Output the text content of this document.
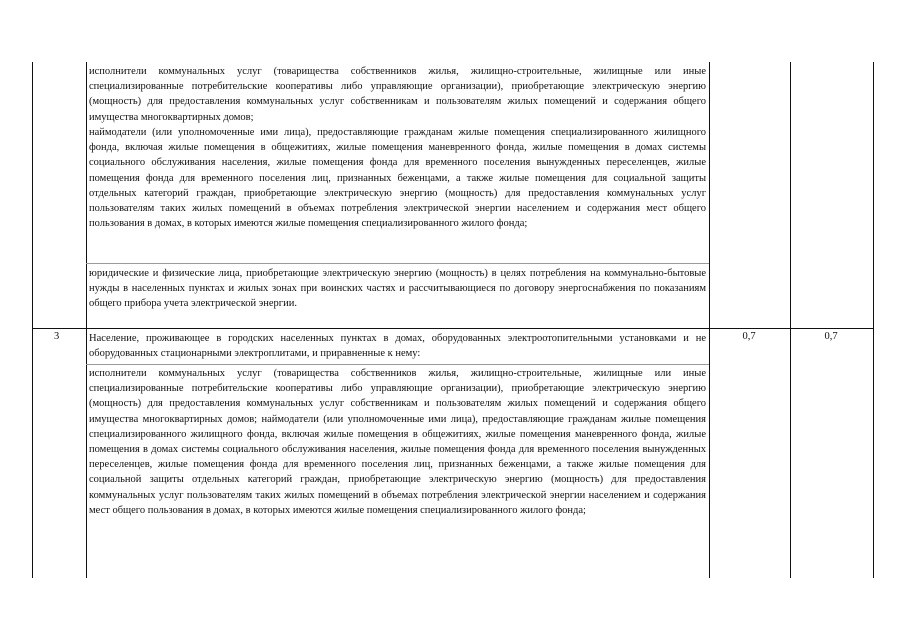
исполнители коммунальных услуг (товарищества собственников жилья, жилищно-строительные, жилищные или иные специализированные потребительские кооперативы либо управляющие организации), приобретающие электрическую энергию (мощность) для предоставления коммунальных услуг собственникам и пользователям жилых помещений и содержания общего имущества многоквартирных домов;

наймодатели (или уполномоченные ими лица), предоставляющие гражданам жилые помещения специализированного жилищного фонда, включая жилые помещения в общежитиях, жилые помещения маневренного фонда, жилые помещения в домах системы социального обслуживания населения, жилые помещения фонда для временного поселения вынужденных переселенцев, жилые помещения фонда для временного поселения лиц, признанных беженцами, а также жилые помещения для социальной защиты отдельных категорий граждан, приобретающие электрическую энергию (мощность) для предоставления коммунальных услуг пользователям таких жилых помещений в объемах потребления электрической энергии населением и содержания мест общего пользования в домах, в которых имеются жилые помещения специализированного жилого фонда;

юридические и физические лица, приобретающие электрическую энергию (мощность) в целях потребления на коммунально-бытовые нужды в населенных пунктах и жилых зонах при воинских частях и рассчитывающиеся по договору энергоснабжения по показаниям общего прибора учета электрической энергии.

3	Население, проживающее в городских населенных пунктах в домах, оборудованных электроотопительными установками и не оборудованных стационарными электроплитами, и приравненные к нему:

исполнители коммунальных услуг (товарищества собственников жилья, жилищно-строительные, жилищные или иные специализированные потребительские кооперативы либо управляющие организации), приобретающие электрическую энергию (мощность) для предоставления коммунальных услуг собственникам и пользователям жилых помещений и содержания общего имущества многоквартирных домов; наймодатели (или уполномоченные ими лица), предоставляющие гражданам жилые помещения специализированного жилищного фонда, включая жилые помещения в общежитиях, жилые помещения маневренного фонда, жилые помещения в домах системы социального обслуживания населения, жилые помещения фонда для временного поселения вынужденных переселенцев, жилые помещения фонда для временного поселения лиц, признанных беженцами, а также жилые помещения для социальной защиты отдельных категорий граждан, приобретающие электрическую энергию (мощность) для предоставления коммунальных услуг пользователям таких жилых помещений в объемах потребления электрической энергии населением и содержания мест общего пользования в домах, в которых имеются жилые помещения специализированного жилого фонда;

0,7	0,7
